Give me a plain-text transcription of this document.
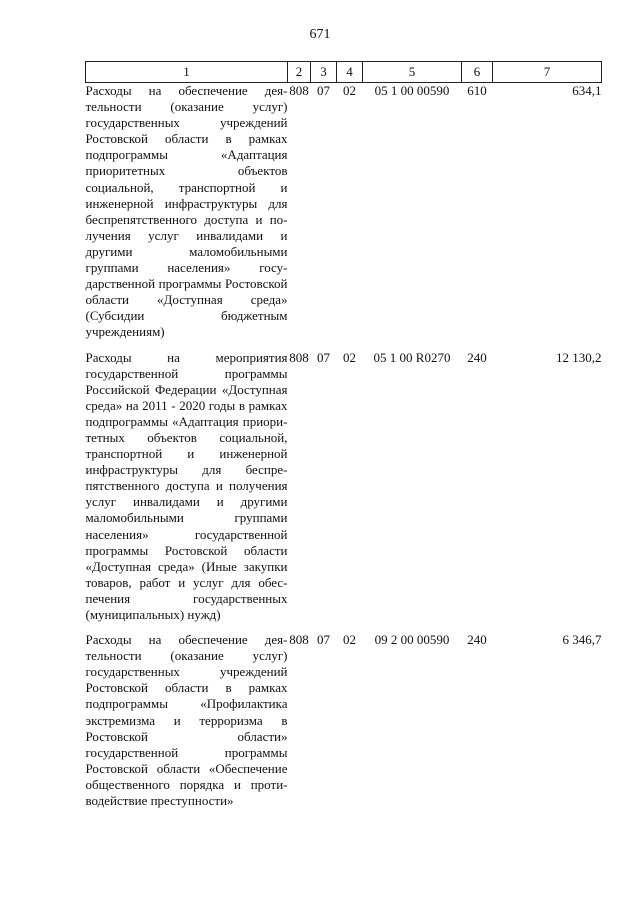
671
1	2	3	4	5	6	7
Расходы на обеспечение деятельности (оказание услуг) государственных учреждений Ростовской области в рамках подпрограммы «Адаптация приоритетных объектов социальной, транспортной и инженерной инфраструктуры для беспрепятственного доступа и получения услуг инвалидами и другими маломобильными группами населения» государственной программы Ростовской области «Доступная среда» (Субсидии бюджетным учреждениям)	808	07	02	05 1 00 00590	610	634,1
Расходы на мероприятия государственной программы Российской Федерации «Доступная среда» на 2011 - 2020 годы в рамках подпрограммы «Адаптация приоритетных объектов социальной, транспортной и инженерной инфраструктуры для беспрепятственного доступа и получения услуг инвалидами и другими маломобильными группами населения» государственной программы Ростовской области «Доступная среда» (Иные закупки товаров, работ и услуг для обеспечения государственных (муниципальных) нужд)	808	07	02	05 1 00 R0270	240	12 130,2
Расходы на обеспечение деятельности (оказание услуг) государственных учреждений Ростовской области в рамках подпрограммы «Профилактика экстремизма и терроризма в Ростовской области» государственной программы Ростовской области «Обеспечение общественного порядка и противодействие преступности»	808	07	02	09 2 00 00590	240	6 346,7
